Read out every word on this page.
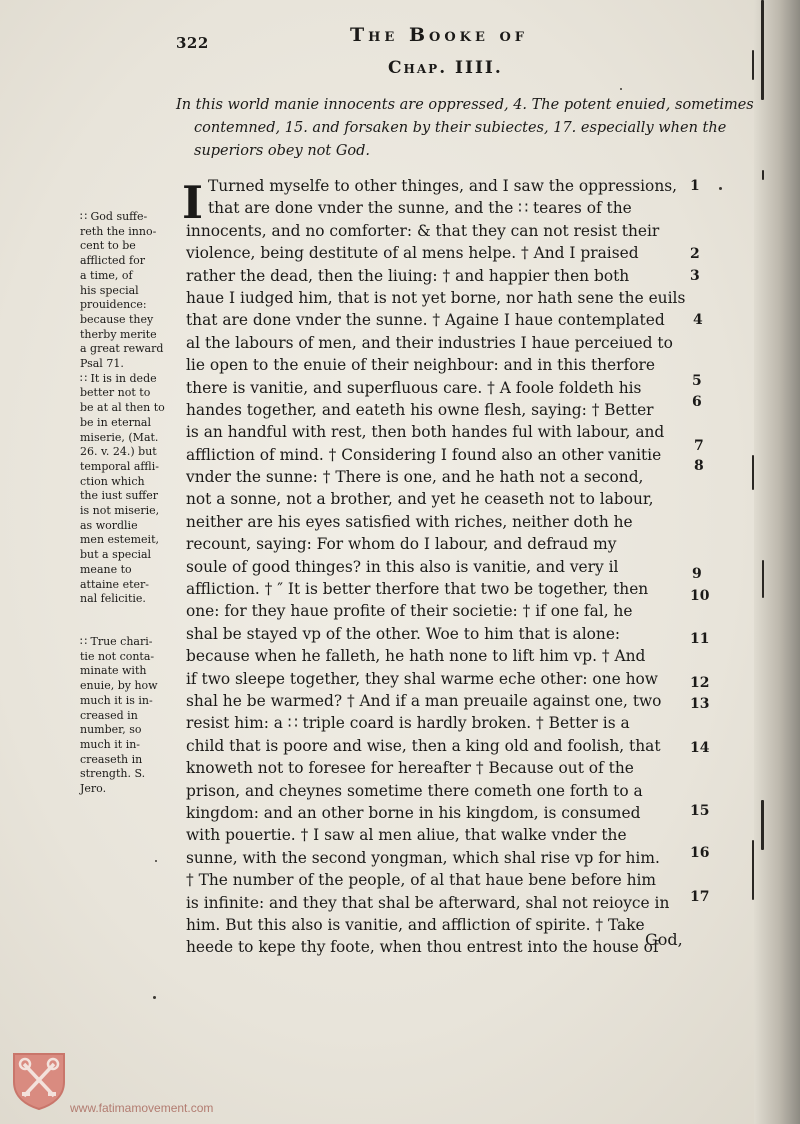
322	The Booke of
Chap. IIII.
In this world manie innocents are oppressed, 4. The potent enuied, sometimes
contemned, 15. and forsaken by their subiectes, 17. especially when the
superiors obey not God.
I Turned myselfe to other thinges, and I saw the oppressions,
that are done vnder the sunne, and the ∷ teares of the
innocents, and no comforter: & that they can not resist their
violence, being destitute of al mens helpe. † And I praised
rather the dead, then the liuing: † and happier then both
haue I iudged him, that is not yet borne, nor hath sene the euils
that are done vnder the sunne. † Againe I haue contemplated
al the labours of men, and their industries I haue perceiued to
lie open to the enuie of their neighbour: and in this therfore
there is vanitie, and superfluous care. † A foole foldeth his
handes together, and eateth his owne flesh, saying: † Better
is an handful with rest, then both handes ful with labour, and
affliction of mind. † Considering I found also an other vanitie
vnder the sunne: † There is one, and he hath not a second,
not a sonne, not a brother, and yet he ceaseth not to labour,
neither are his eyes satisfied with riches, neither doth he
recount, saying: For whom do I labour, and defraud my
soule of good thinges? in this also is vanitie, and very il
affliction. † ″ It is better therfore that two be together, then
one: for they haue profite of their societie: † if one fal, he
shal be stayed vp of the other. Woe to him that is alone:
because when he falleth, he hath none to lift him vp. † And
if two sleepe together, they shal warme eche other: one how
shal he be warmed? † And if a man preuaile against one, two
resist him: a ∷ triple coard is hardly broken. † Better is a
child that is poore and wise, then a king old and foolish, that
knoweth not to foresee for hereafter † Because out of the
prison, and cheynes sometime there cometh one forth to a
kingdom: and an other borne in his kingdom, is consumed
with pouertie. † I saw al men aliue, that walke vnder the
sunne, with the second yongman, which shal rise vp for him.
† The number of the people, of al that haue bene before him
is infinite: and they that shal be afterward, shal not reioyce in
him. But this also is vanitie, and affliction of spirite. † Take
heede to kepe thy foote, when thou entrest into the house of
∷ God suffe-
reth the inno-
cent to be
afflicted for
a time, of
his special
prouidence:
because they
therby merite
a great reward
Psal 71.
∷ It is in dede
better not to
be at al then to
be in eternal
miserie, (Mat.
26. v. 24.) but
temporal affli-
ction which
the iust suffer
is not miserie,
as wordlie
men estemeit,
but a special
meane to
attaine eter-
nal felicitie.
∷ True chari-
tie not conta-
minate with
enuie, by how
much it is in-
creased in
number, so
much it in-
creaseth in
strength. S.
Jero.
1
2
3
4
5
6
7
8
9
10
11
12
13
14
15
16
17
God,
www.fatimamovement.com
